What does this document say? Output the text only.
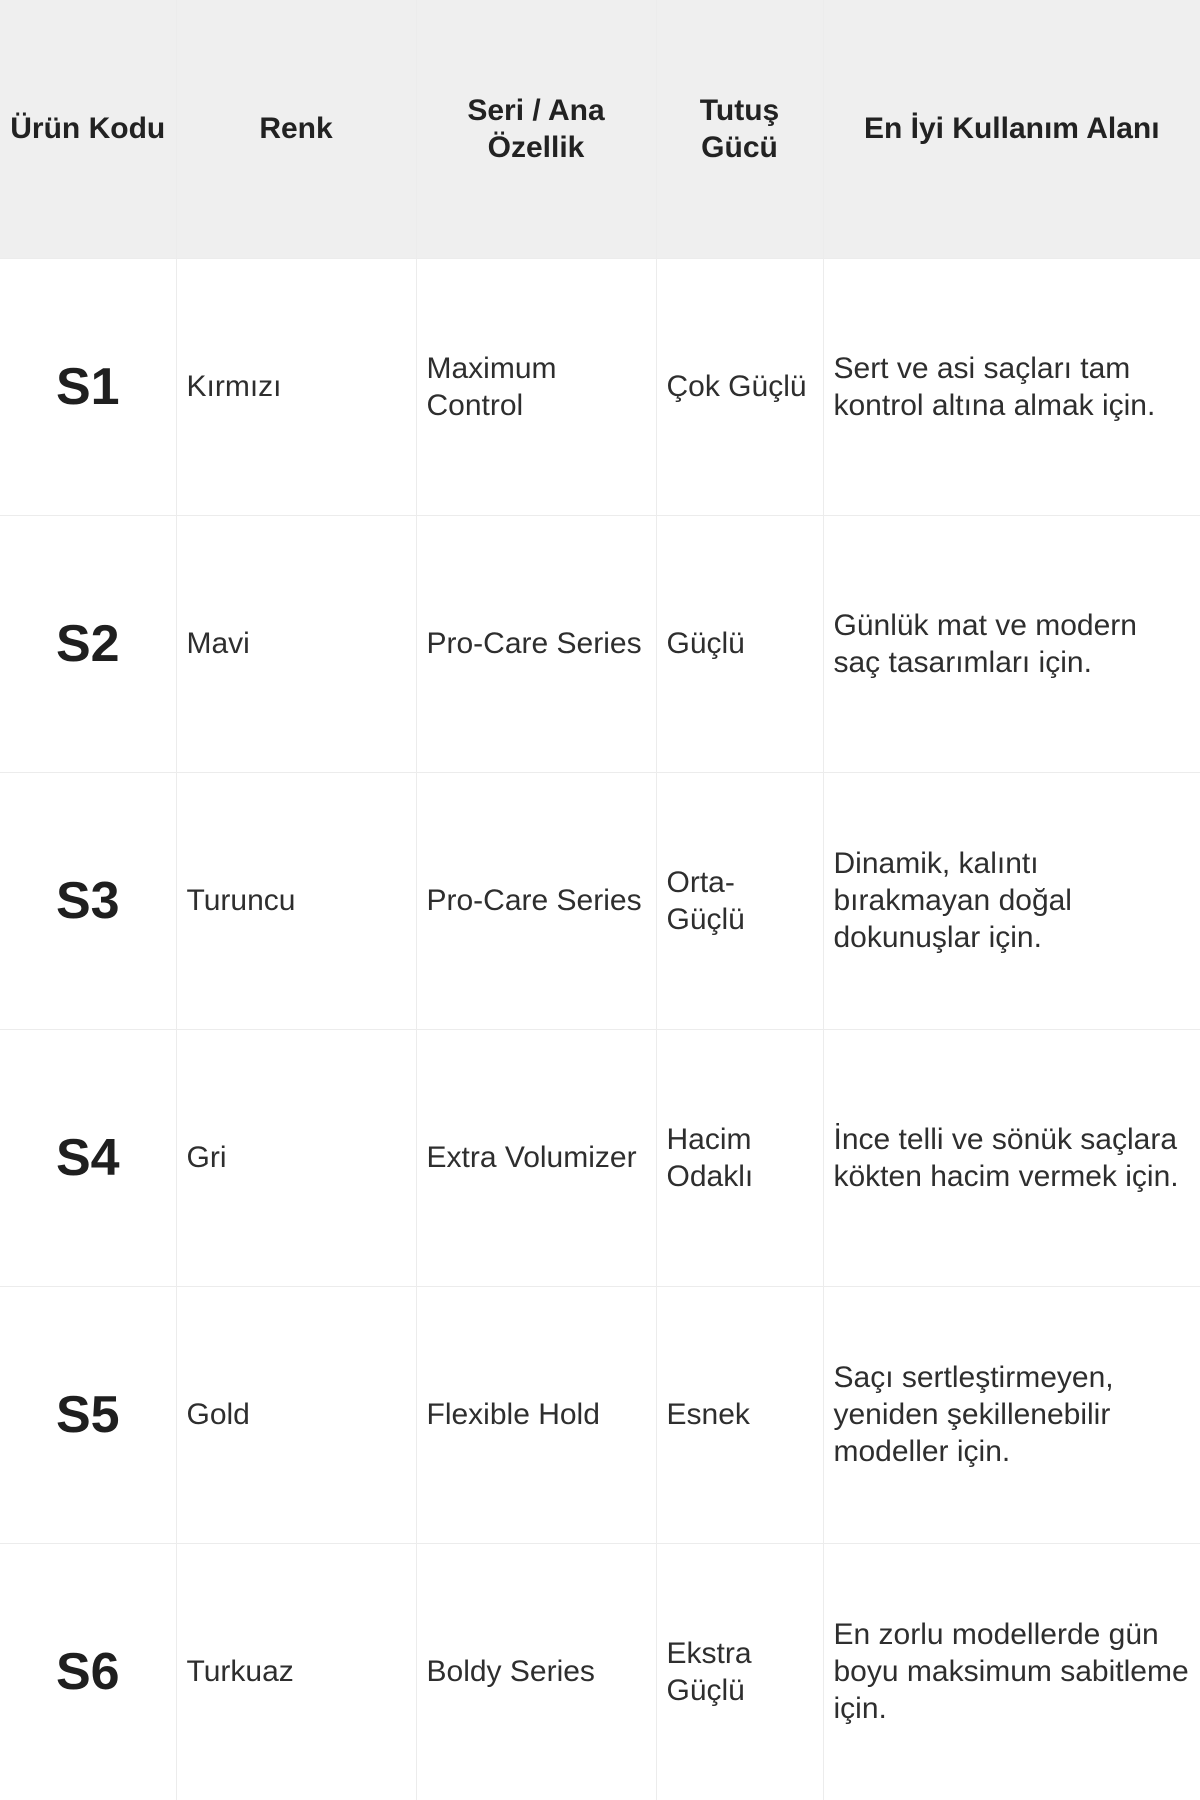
Ürün Kodu	Renk	Seri / Ana Özellik	Tutuş Gücü	En İyi Kullanım Alanı
S1	Kırmızı	Maximum Control	Çok Güçlü	Sert ve asi saçları tam kontrol altına almak için.
S2	Mavi	Pro-Care Series	Güçlü	Günlük mat ve modern saç tasarımları için.
S3	Turuncu	Pro-Care Series	Orta-Güçlü	Dinamik, kalıntı bırakmayan doğal dokunuşlar için.
S4	Gri	Extra Volumizer	Hacim Odaklı	İnce telli ve sönük saçlara kökten hacim vermek için.
S5	Gold	Flexible Hold	Esnek	Saçı sertleştirmeyen, yeniden şekillenebilir modeller için.
S6	Turkuaz	Boldy Series	Ekstra Güçlü	En zorlu modellerde gün boyu maksimum sabitleme için.
